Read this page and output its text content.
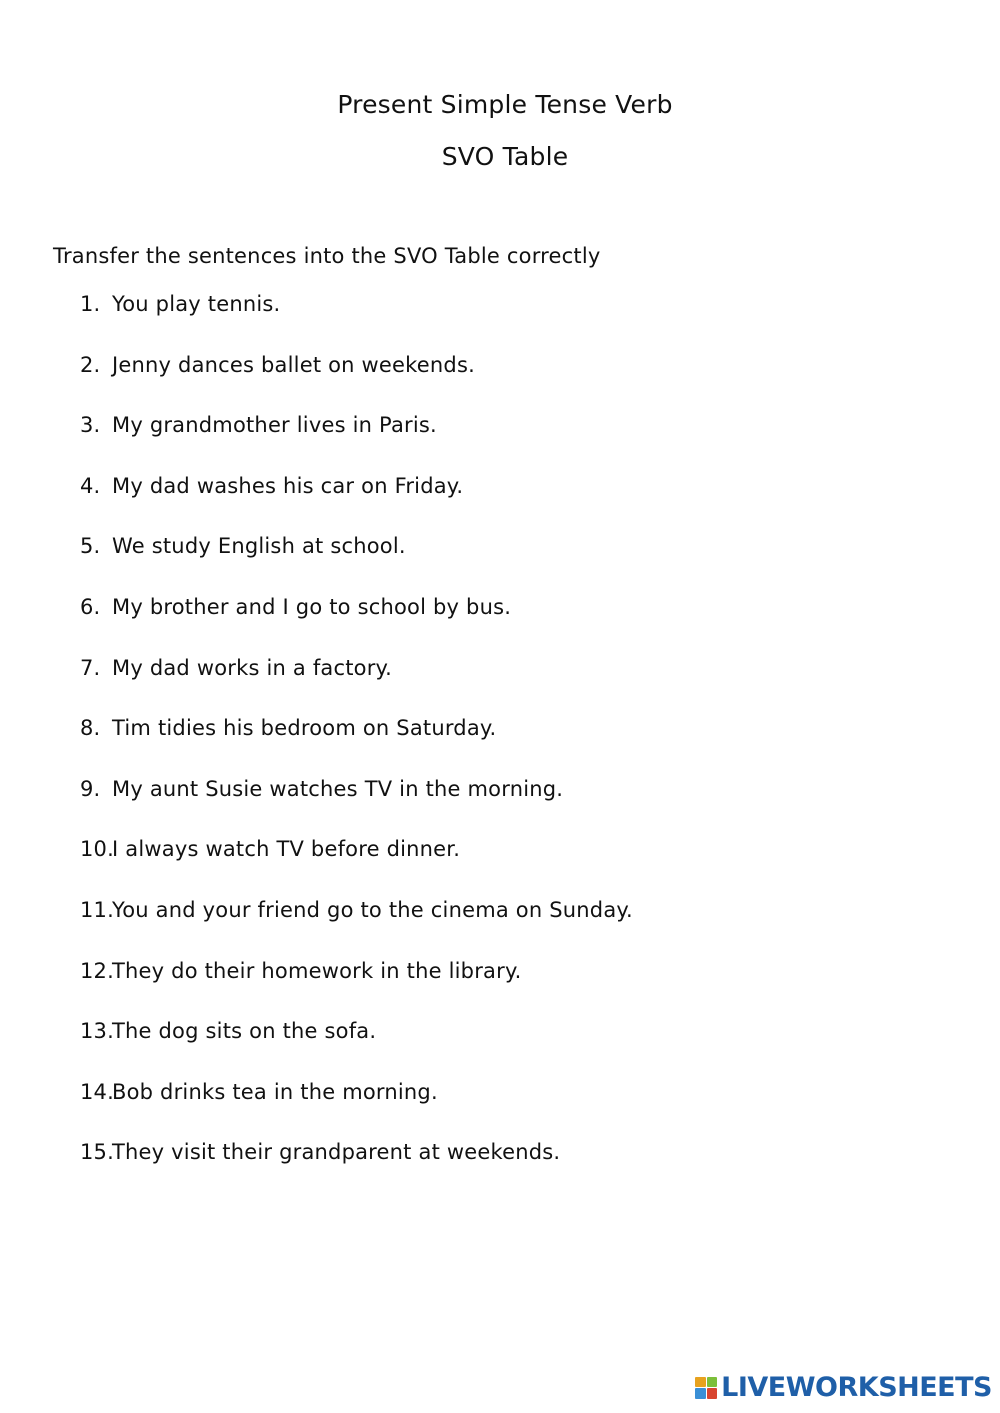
Present Simple Tense Verb
SVO Table
Transfer the sentences into the SVO Table correctly
1. You play tennis.
2. Jenny dances ballet on weekends.
3. My grandmother lives in Paris.
4. My dad washes his car on Friday.
5. We study English at school.
6. My brother and I go to school by bus.
7. My dad works in a factory.
8. Tim tidies his bedroom on Saturday.
9. My aunt Susie watches TV in the morning.
10.I always watch TV before dinner.
11.You and your friend go to the cinema on Sunday.
12.They do their homework in the library.
13.The dog sits on the sofa.
14.Bob drinks tea in the morning.
15.They visit their grandparent at weekends.
LIVEWORKSHEETS
